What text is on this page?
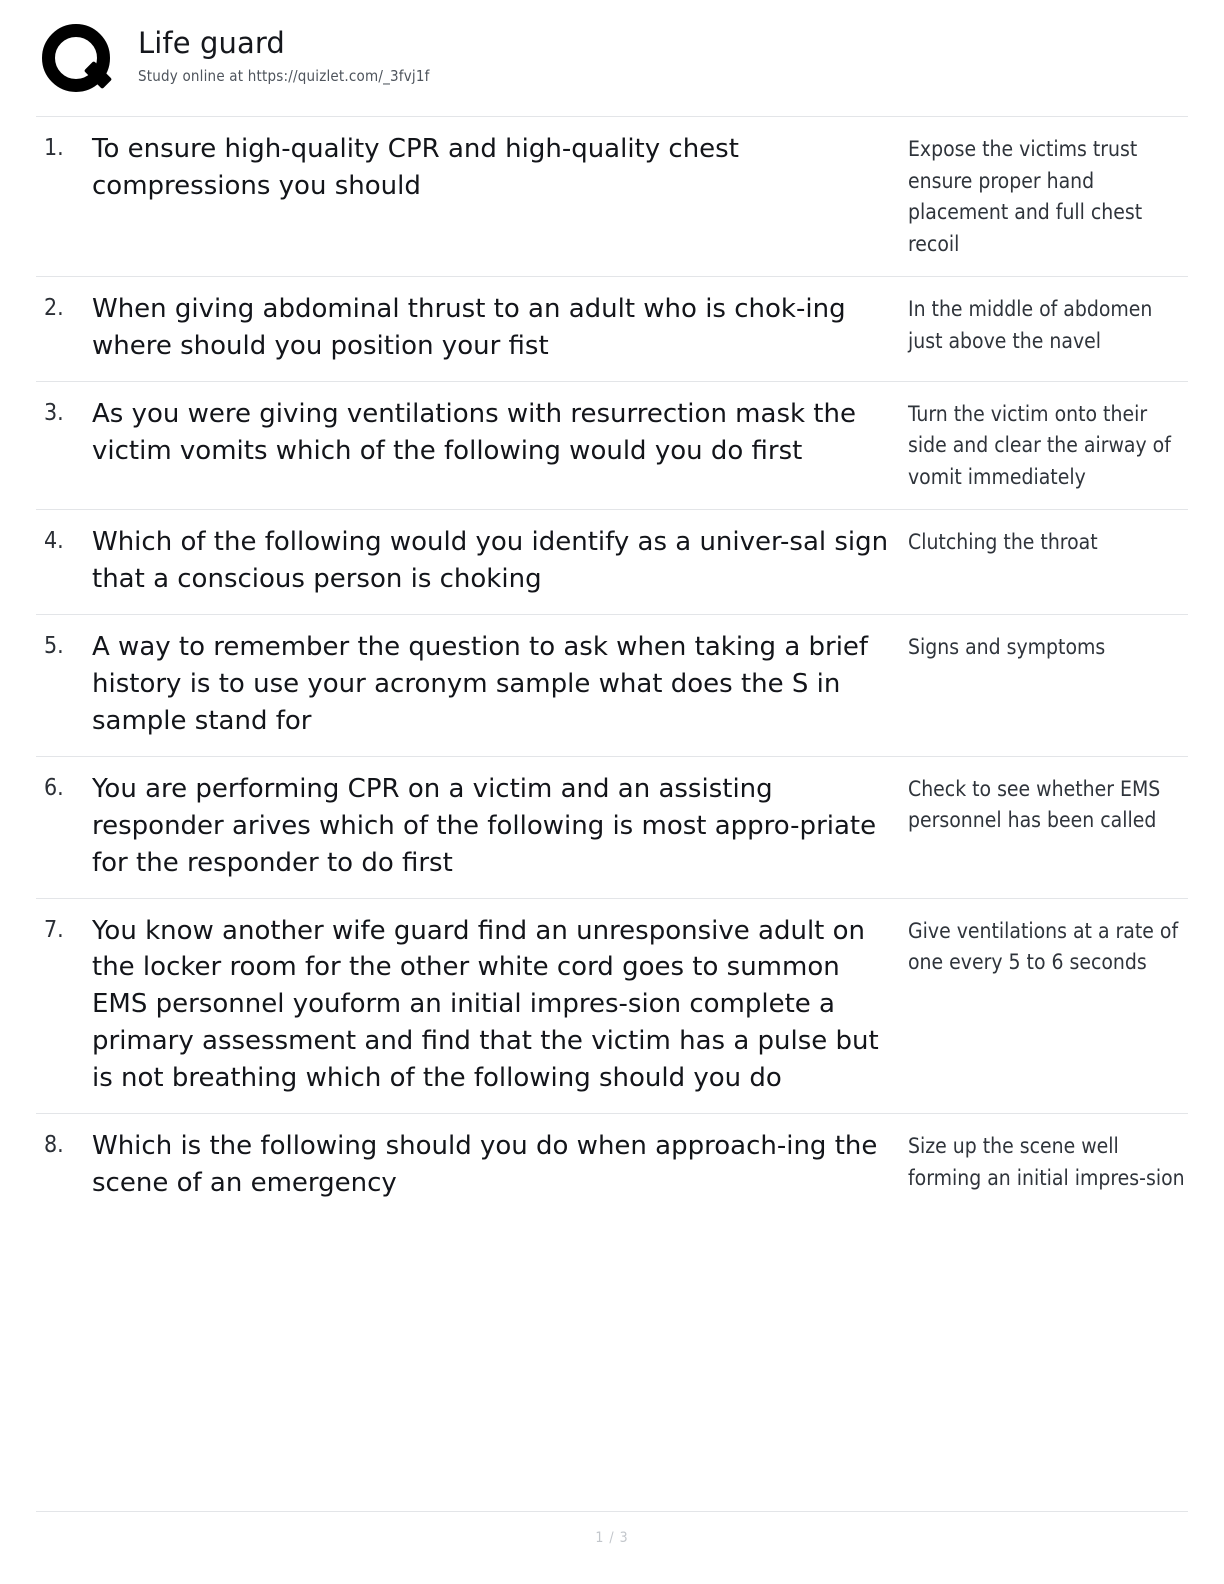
Life guard
Study online at https://quizlet.com/_3fvj1f
1.	To ensure high-quality CPR and high-quality chest compressions you should
Expose the victims trust ensure proper hand placement and full chest recoil
2.	When giving abdominal thrust to an adult who is chok-ing where should you position your fist
In the middle of abdomen just above the navel
3.	As you were giving ventilations with resurrection mask the victim vomits which of the following would you do first
Turn the victim onto their side and clear the airway of vomit immediately
4.	Which of the following would you identify as a univer-sal sign that a conscious person is choking
Clutching the throat
5.	A way to remember the question to ask when taking a brief history is to use your acronym sample what does the S in sample stand for
Signs and symptoms
6.	You are performing CPR on a victim and an assisting responder arives which of the following is most appro-priate for the responder to do first
Check to see whether EMS personnel has been called
7.	You know another wife guard find an unresponsive adult on the locker room for the other white cord goes to summon EMS personnel youform an initial impres-sion complete a primary assessment and find that the victim has a pulse but is not breathing which of the following should you do
Give ventilations at a rate of one every 5 to 6 seconds
8.	Which is the following should you do when approach-ing the scene of an emergency
Size up the scene well forming an initial impres-sion
1 / 3
